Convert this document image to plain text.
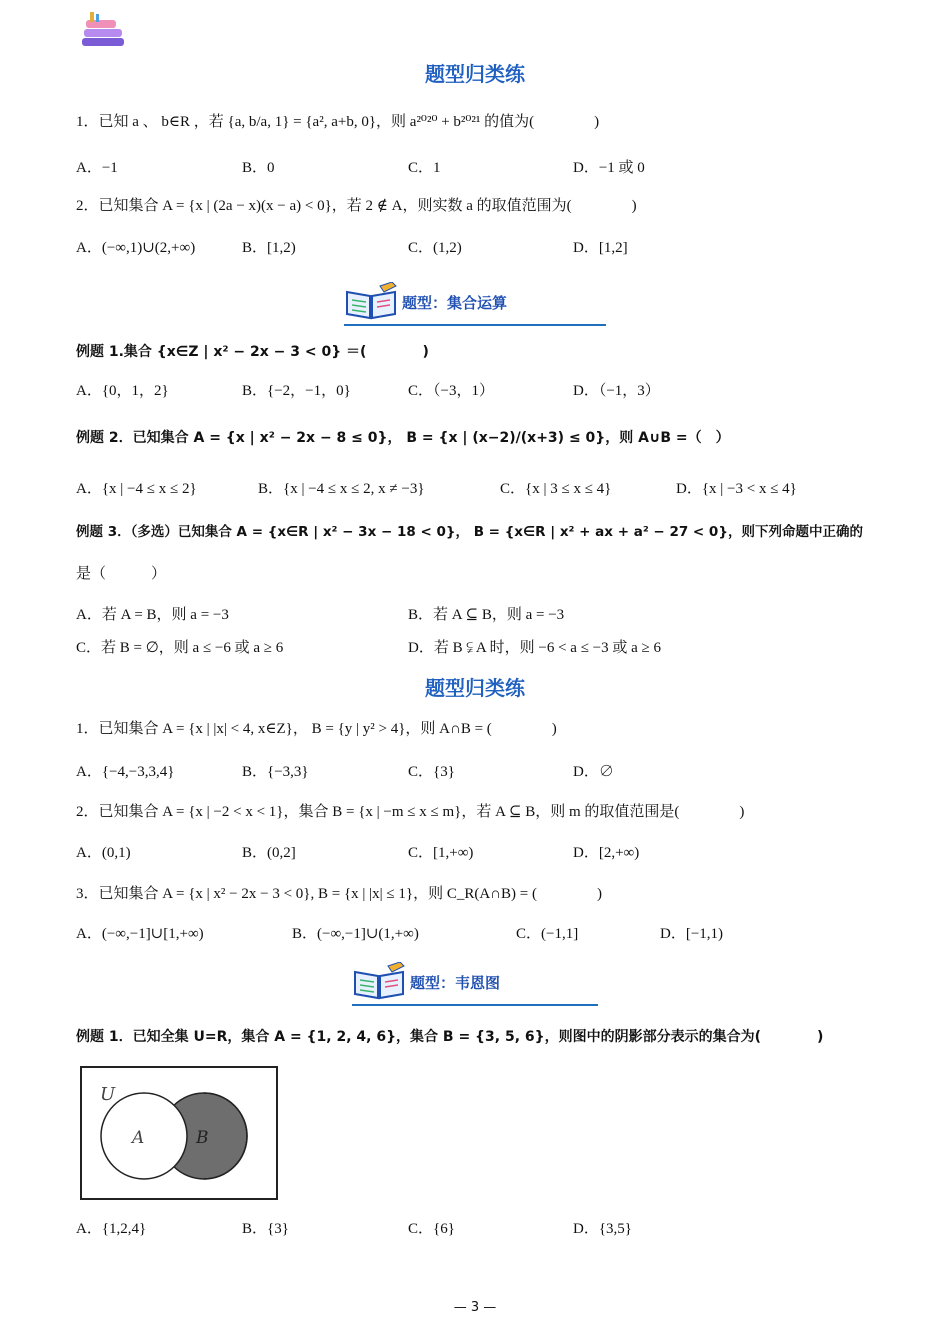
题型归类练
1．已知 a 、 b∈R ，若 {a, b/a, 1} = {a², a+b, 0}，则 a²⁰²⁰ + b²⁰²¹ 的值为(　　　　)
A．−1	B．0	C．1	D．−1 或 0
2．已知集合 A = {x | (2a − x)(x − a) < 0}，若 2 ∉ A，则实数 a 的取值范围为(　　　　)
A．(−∞,1)∪(2,+∞)	B．[1,2)	C．(1,2)	D．[1,2]
题型：集合运算
例题 1.集合 {x∈Z | x² − 2x − 3 < 0} ＝(　　　　)
A．{0，1，2}	B．{−2，−1，0}	C．（−3，1）	D．（−1，3）
例题 2．已知集合 A = {x | x² − 2x − 8 ≤ 0}， B = {x | (x−2)/(x+3) ≤ 0}，则 A∪B =（　）
A．{x | −4 ≤ x ≤ 2}	B．{x | −4 ≤ x ≤ 2, x ≠ −3}	C．{x | 3 ≤ x ≤ 4}	D．{x | −3 < x ≤ 4}
例题 3．（多选）已知集合 A = {x∈R | x² − 3x − 18 < 0}， B = {x∈R | x² + ax + a² − 27 < 0}，则下列命题中正确的
是（　　　）
A．若 A = B，则 a = −3	B．若 A ⊆ B，则 a = −3
C．若 B = ∅，则 a ≤ −6 或 a ≥ 6	D．若 B ⫋ A 时，则 −6 < a ≤ −3 或 a ≥ 6
题型归类练
1．已知集合 A = {x | |x| < 4, x∈Z}， B = {y | y² > 4}，则 A∩B = (　　　　)
A．{−4,−3,3,4}	B．{−3,3}	C．{3}	D．∅
2．已知集合 A = {x | −2 < x < 1}，集合 B = {x | −m ≤ x ≤ m}，若 A ⊆ B，则 m 的取值范围是(　　　　)
A．(0,1)	B．(0,2]	C．[1,+∞)	D．[2,+∞)
3．已知集合 A = {x | x² − 2x − 3 < 0}, B = {x | |x| ≤ 1}，则 C_R(A∩B) = (　　　　)
A．(−∞,−1]∪[1,+∞)	B．(−∞,−1]∪(1,+∞)	C．(−1,1]	D．[−1,1)
题型：韦恩图
例题 1．已知全集 U=R，集合 A = {1, 2, 4, 6}，集合 B = {3, 5, 6}，则图中的阴影部分表示的集合为(　　　　)
U
A	B
A．{1,2,4}	B．{3}	C．{6}	D．{3,5}
— 3 —
